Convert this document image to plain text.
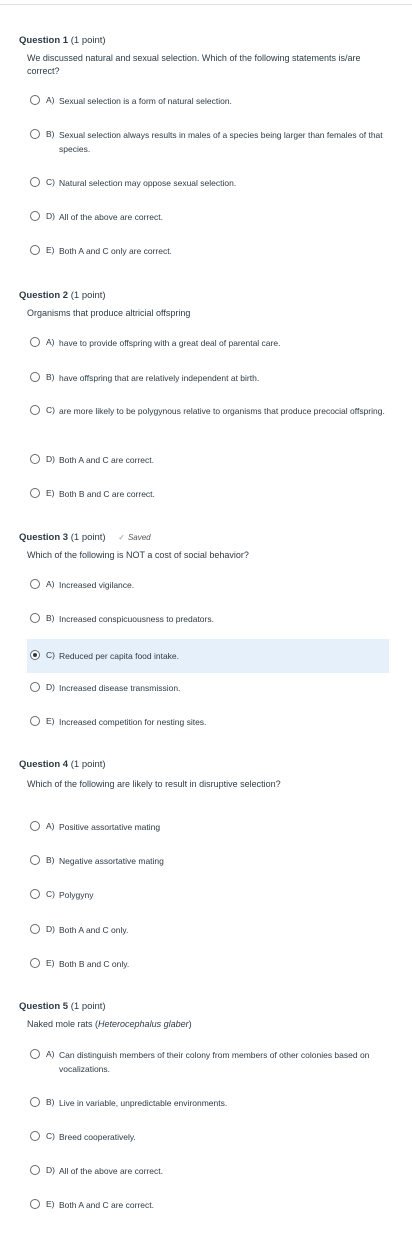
Question 1 (1 point)
We discussed natural and sexual selection. Which of the following statements is/are correct?
A) Sexual selection is a form of natural selection.
B) Sexual selection always results in males of a species being larger than females of that species.
C) Natural selection may oppose sexual selection.
D) All of the above are correct.
E) Both A and C only are correct.
Question 2 (1 point)
Organisms that produce altricial offspring
A) have to provide offspring with a great deal of parental care.
B) have offspring that are relatively independent at birth.
C) are more likely to be polygynous relative to organisms that produce precocial offspring.
D) Both A and C are correct.
E) Both B and C are correct.
Question 3 (1 point) ✓ Saved
Which of the following is NOT a cost of social behavior?
A) Increased vigilance.
B) Increased conspicuousness to predators.
C) Reduced per capita food intake.
D) Increased disease transmission.
E) Increased competition for nesting sites.
Question 4 (1 point)
Which of the following are likely to result in disruptive selection?
A) Positive assortative mating
B) Negative assortative mating
C) Polygyny
D) Both A and C only.
E) Both B and C only.
Question 5 (1 point)
Naked mole rats (Heterocephalus glaber)
A) Can distinguish members of their colony from members of other colonies based on vocalizations.
B) Live in variable, unpredictable environments.
C) Breed cooperatively.
D) All of the above are correct.
E) Both A and C are correct.
